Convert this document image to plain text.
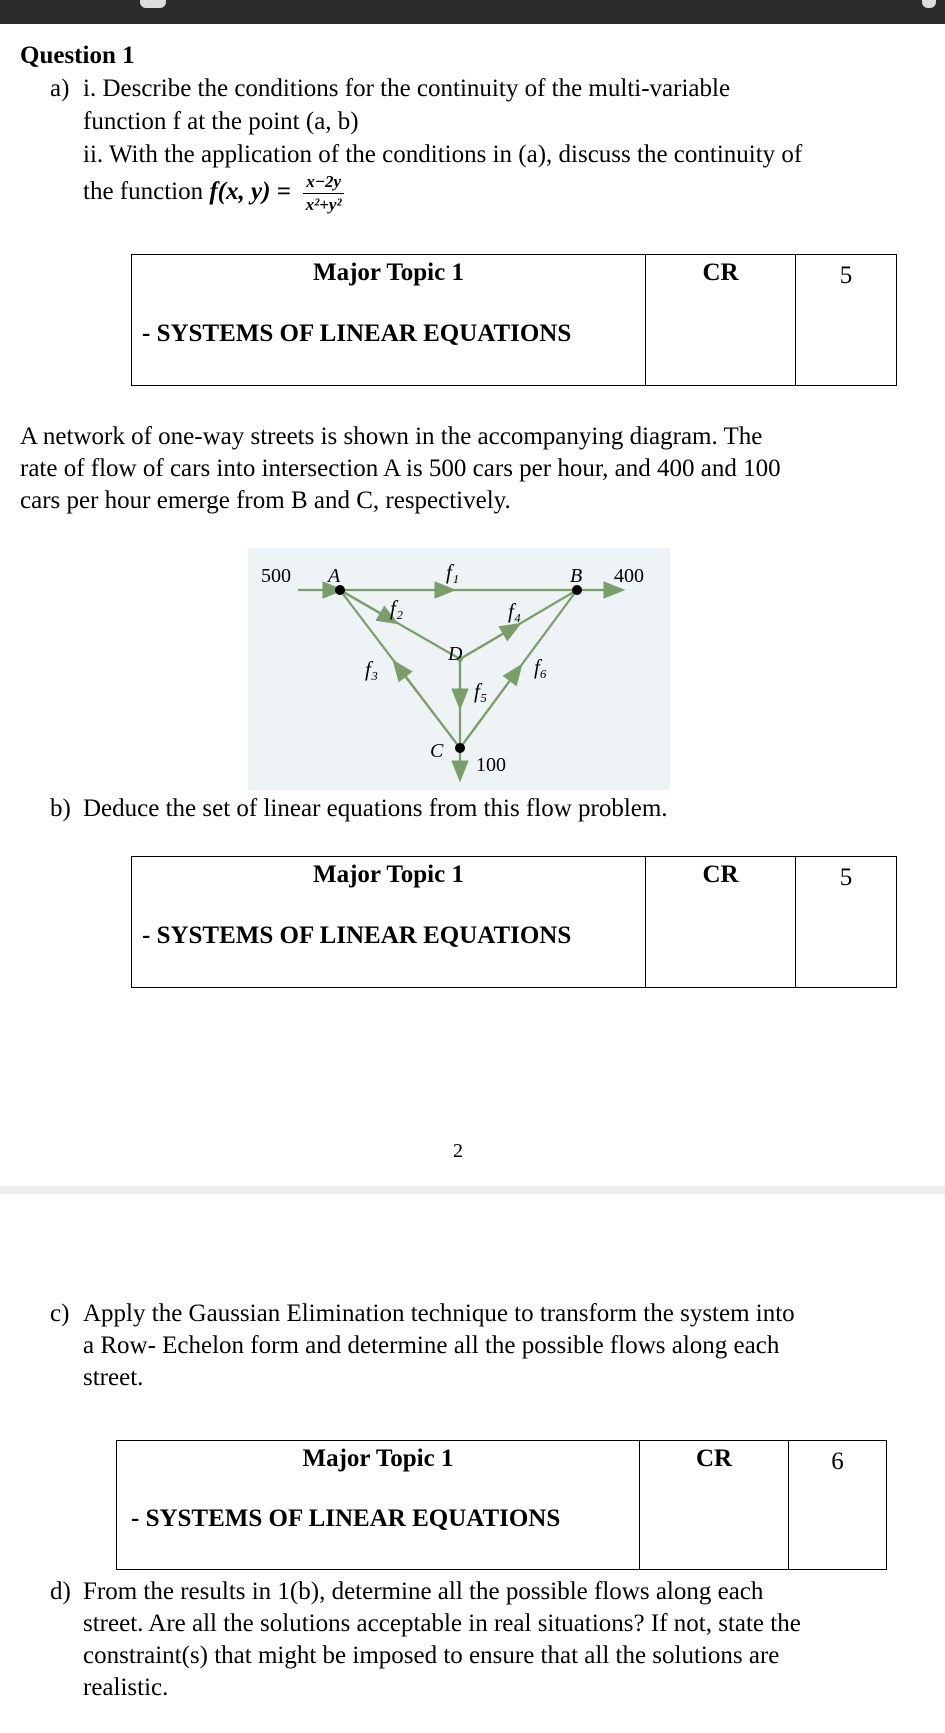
Question 1
a) i. Describe the conditions for the continuity of the multi-variable
function f at the point (a, b)
ii. With the application of the conditions in (a), discuss the continuity of
the function f(x, $y) = \frac{x-2y}{\text{x²+y²}}$
Major Topic 1
- SYSTEMS OF LINEAR EQUATIONS

CR	5
A network of one-way streets is shown in the accompanying diagram. The
rate of flow of cars into intersection A is 500 cars per hour, and 400 and 100
cars per hour emerge from B and C, respectively.
500 A	f₁	B 400
f₂	f₄
D
f₃	f₆
f₅
C
100
b) Deduce the set of linear equations from this flow problem.
Major Topic 1
- SYSTEMS OF LINEAR EQUATIONS

CR	5
2
c) Apply the Gaussian Elimination technique to transform the system into
a Row- Echelon form and determine all the possible flows along each
street.
Major Topic 1
- SYSTEMS OF LINEAR EQUATIONS

CR	6
d) From the results in 1(b), determine all the possible flows along each
street. Are all the solutions acceptable in real situations? If not, state the
constraint(s) that might be imposed to ensure that all the solutions are
realistic.
